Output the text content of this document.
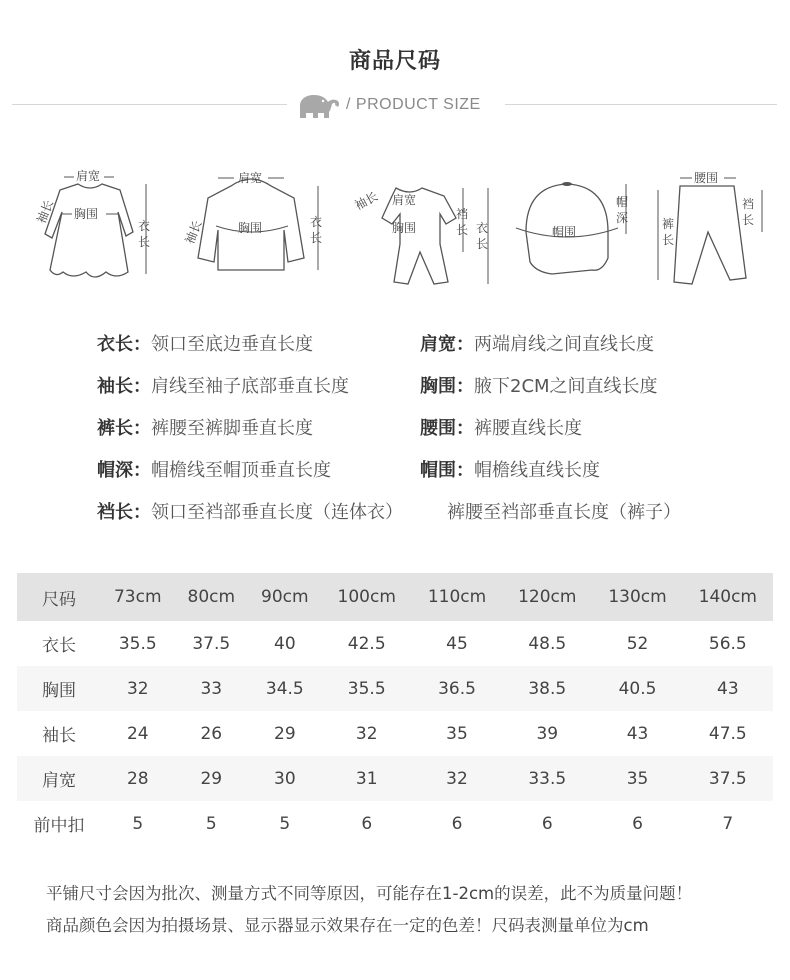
商品尺码
/ PRODUCT SIZE
肩宽
袖长 胸围
衣
长
肩宽
袖长	胸围	衣
长
袖长 肩宽
胸围
裆
长 衣
长
帽围
帽
深
腰围
裤
长
裆
长
衣长：领口至底边垂直长度	肩宽：两端肩线之间直线长度
袖长：肩线至袖子底部垂直长度	胸围：腋下2CM之间直线长度
裤长：裤腰至裤脚垂直长度	腰围：裤腰直线长度
帽深：帽檐线至帽顶垂直长度	帽围：帽檐线直线长度
裆长：领口至裆部垂直长度（连体衣） 裤腰至裆部垂直长度（裤子）
尺码	73cm	80cm	90cm	100cm	110cm	120cm	130cm	140cm
衣长	35.5	37.5	40	42.5	45	48.5	52	56.5
胸围	32	33	34.5	35.5	36.5	38.5	40.5	43
袖长	24	26	29	32	35	39	43	47.5
肩宽	28	29	30	31	32	33.5	35	37.5
前中扣	5	5	5	6	6	6	6	7
平铺尺寸会因为批次、测量方式不同等原因，可能存在1-2cm的误差，此不为质量问题！
商品颜色会因为拍摄场景、显示器显示效果存在一定的色差！尺码表测量单位为cm
